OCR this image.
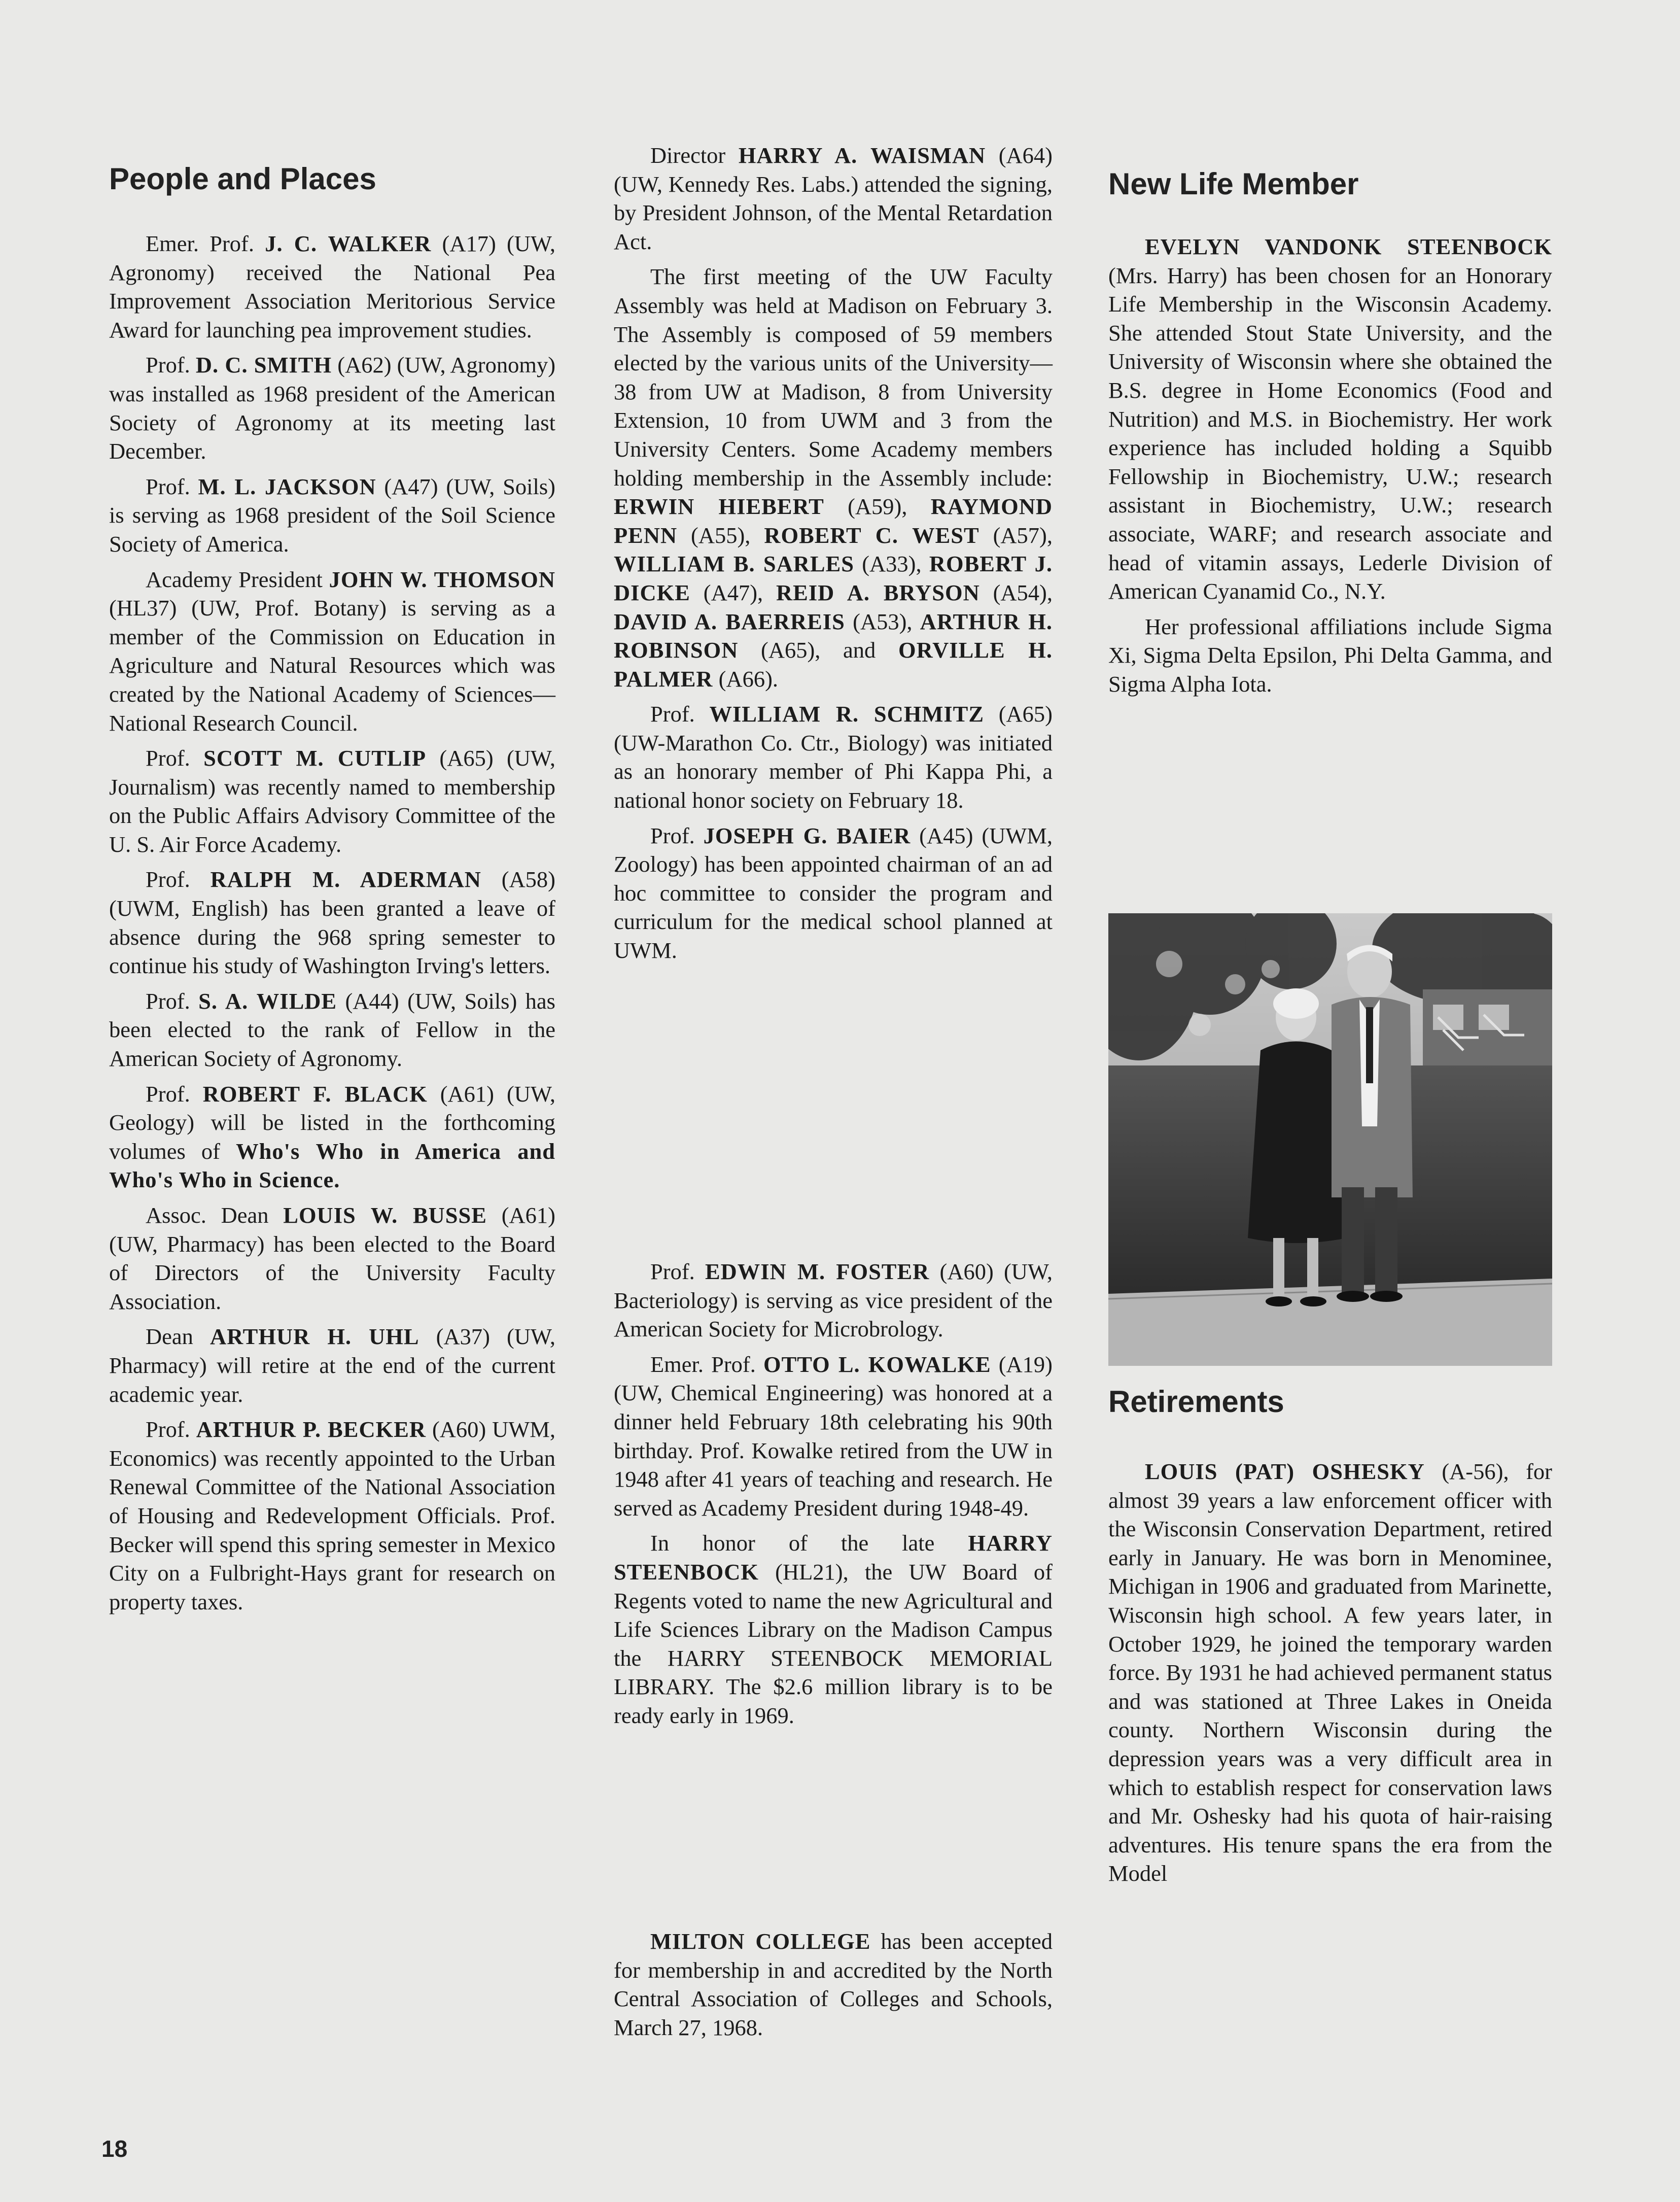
People and Places

Emer. Prof. J. C. WALKER (A17) (UW, Agronomy) received the National Pea Improvement Association Meritorious Service Award for launching pea improvement studies.

Prof. D. C. SMITH (A62) (UW, Agronomy) was installed as 1968 president of the American Society of Agronomy at its meeting last December.

Prof. M. L. JACKSON (A47) (UW, Soils) is serving as 1968 president of the Soil Science Society of America.

Academy President JOHN W. THOMSON (HL37) (UW, Prof. Botany) is serving as a member of the Commission on Education in Agriculture and Natural Resources which was created by the National Academy of Sciences—National Research Council.

Prof. SCOTT M. CUTLIP (A65) (UW, Journalism) was recently named to membership on the Public Affairs Advisory Committee of the U. S. Air Force Academy.

Prof. RALPH M. ADERMAN (A58) (UWM, English) has been granted a leave of absence during the 968 spring semester to continue his study of Washington Irving's letters.

Prof. S. A. WILDE (A44) (UW, Soils) has been elected to the rank of Fellow in the American Society of Agronomy.

Prof. ROBERT F. BLACK (A61) (UW, Geology) will be listed in the forthcoming volumes of Who's Who in America and Who's Who in Science.

Assoc. Dean LOUIS W. BUSSE (A61) (UW, Pharmacy) has been elected to the Board of Directors of the University Faculty Association.

Dean ARTHUR H. UHL (A37) (UW, Pharmacy) will retire at the end of the current academic year.

Prof. ARTHUR P. BECKER (A60) UWM, Economics) was recently appointed to the Urban Renewal Committee of the National Association of Housing and Redevelopment Officials. Prof. Becker will spend this spring semester in Mexico City on a Fulbright-Hays grant for research on property taxes.

Director HARRY A. WAISMAN (A64) (UW, Kennedy Res. Labs.) attended the signing, by President Johnson, of the Mental Retardation Act.

The first meeting of the UW Faculty Assembly was held at Madison on February 3. The Assembly is composed of 59 members elected by the various units of the University—38 from UW at Madison, 8 from University Extension, 10 from UWM and 3 from the University Centers. Some Academy members holding membership in the Assembly include: ERWIN HIEBERT (A59), RAYMOND PENN (A55), ROBERT C. WEST (A57), WILLIAM B. SARLES (A33), ROBERT J. DICKE (A47), REID A. BRYSON (A54), DAVID A. BAERREIS (A53), ARTHUR H. ROBINSON (A65), and ORVILLE H. PALMER (A66).

Prof. WILLIAM R. SCHMITZ (A65) (UW-Marathon Co. Ctr., Biology) was initiated as an honorary member of Phi Kappa Phi, a national honor society on February 18.

Prof. JOSEPH G. BAIER (A45) (UWM, Zoology) has been appointed chairman of an ad hoc committee to consider the program and curriculum for the medical school planned at UWM.

Prof. EDWIN M. FOSTER (A60) (UW, Bacteriology) is serving as vice president of the American Society for Microbrology.

Emer. Prof. OTTO L. KOWALKE (A19) (UW, Chemical Engineering) was honored at a dinner held February 18th celebrating his 90th birthday. Prof. Kowalke retired from the UW in 1948 after 41 years of teaching and research. He served as Academy President during 1948-49.

In honor of the late HARRY STEENBOCK (HL21), the UW Board of Regents voted to name the new Agricultural and Life Sciences Library on the Madison Campus the HARRY STEENBOCK MEMORIAL LIBRARY. The $2.6 million library is to be ready early in 1969.

MILTON COLLEGE has been accepted for membership in and accredited by the North Central Association of Colleges and Schools, March 27, 1968.

New Life Member

EVELYN VANDONK STEENBOCK (Mrs. Harry) has been chosen for an Honorary Life Membership in the Wisconsin Academy. She attended Stout State University, and the University of Wisconsin where she obtained the B.S. degree in Home Economics (Food and Nutrition) and M.S. in Biochemistry. Her work experience has included holding a Squibb Fellowship in Biochemistry, U.W.; research assistant in Biochemistry, U.W.; research associate, WARF; and research associate and head of vitamin assays, Lederle Division of American Cyanamid Co., N.Y.

Her professional affiliations include Sigma Xi, Sigma Delta Epsilon, Phi Delta Gamma, and Sigma Alpha Iota.

Retirements

LOUIS (PAT) OSHESKY (A-56), for almost 39 years a law enforcement officer with the Wisconsin Conservation Department, retired early in January. He was born in Menominee, Michigan in 1906 and graduated from Marinette, Wisconsin high school. A few years later, in October 1929, he joined the temporary warden force. By 1931 he had achieved permanent status and was stationed at Three Lakes in Oneida county. Northern Wisconsin during the depression years was a very difficult area in which to establish respect for conservation laws and Mr. Oshesky had his quota of hair-raising adventures. His tenure spans the era from the Model

18
